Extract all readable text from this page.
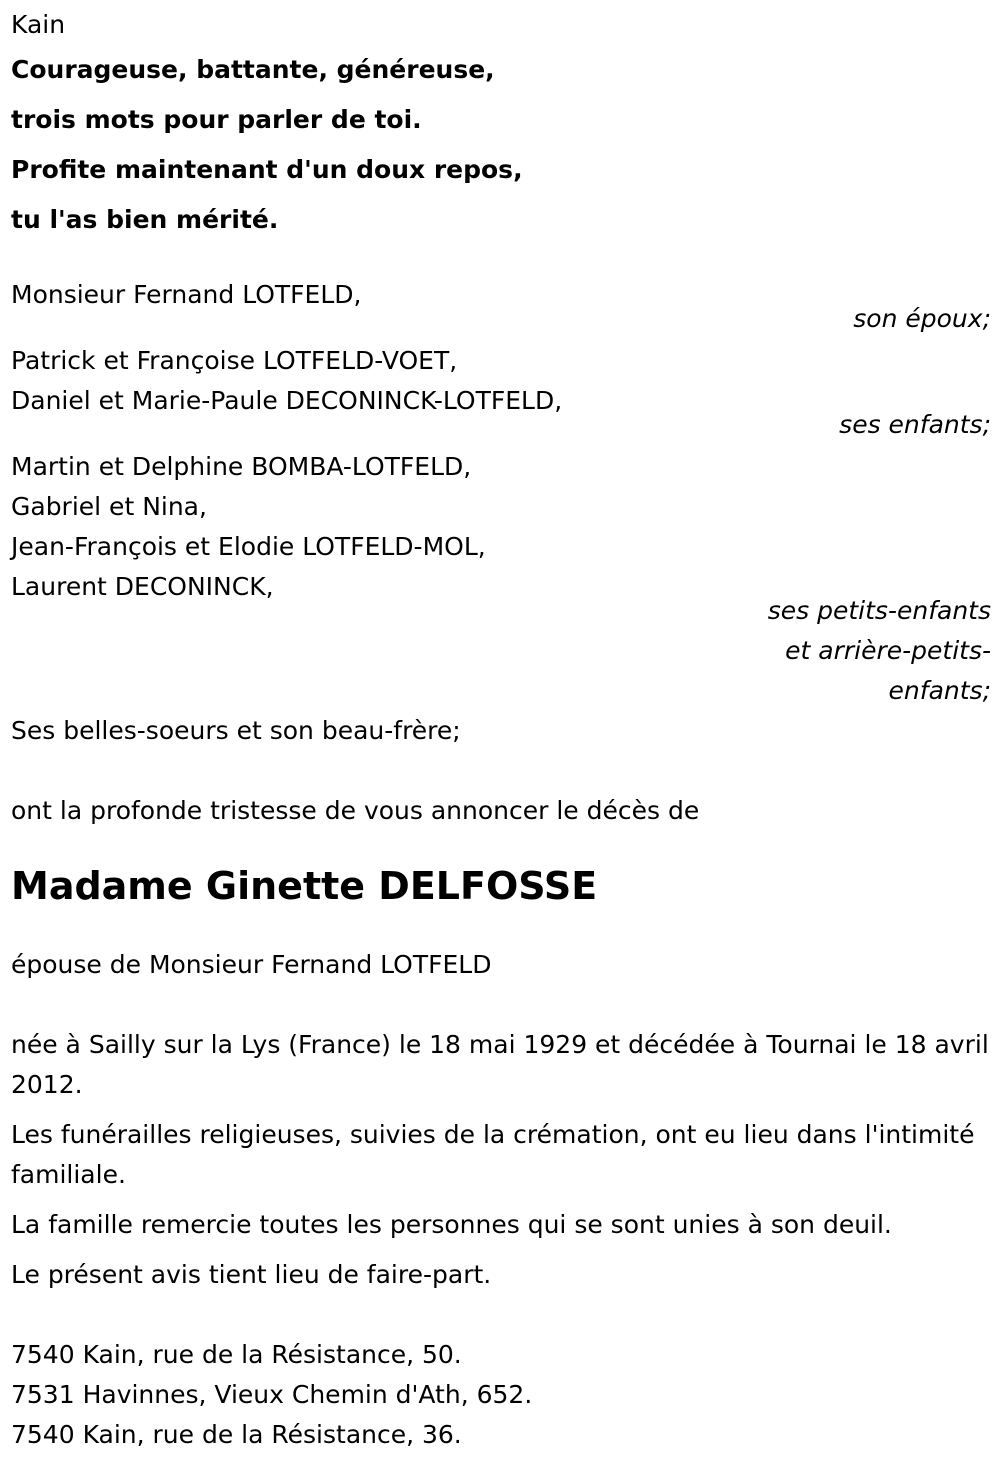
Kain
Courageuse, battante, généreuse,
trois mots pour parler de toi.
Profite maintenant d'un doux repos,
tu l'as bien mérité.
Monsieur Fernand LOTFELD,
son époux;
Patrick et Françoise LOTFELD-VOET,
Daniel et Marie-Paule DECONINCK-LOTFELD,
ses enfants;
Martin et Delphine BOMBA-LOTFELD,
Gabriel et Nina,
Jean-François et Elodie LOTFELD-MOL,
Laurent DECONINCK,
ses petits-enfants
et arrière-petits-
enfants;
Ses belles-soeurs et son beau-frère;
ont la profonde tristesse de vous annoncer le décès de
Madame Ginette DELFOSSE
épouse de Monsieur Fernand LOTFELD
née à Sailly sur la Lys (France) le 18 mai 1929 et décédée à Tournai le 18 avril 2012.
Les funérailles religieuses, suivies de la crémation, ont eu lieu dans l'intimité familiale.
La famille remercie toutes les personnes qui se sont unies à son deuil.
Le présent avis tient lieu de faire-part.
7540 Kain, rue de la Résistance, 50.
7531 Havinnes, Vieux Chemin d'Ath, 652.
7540 Kain, rue de la Résistance, 36.
